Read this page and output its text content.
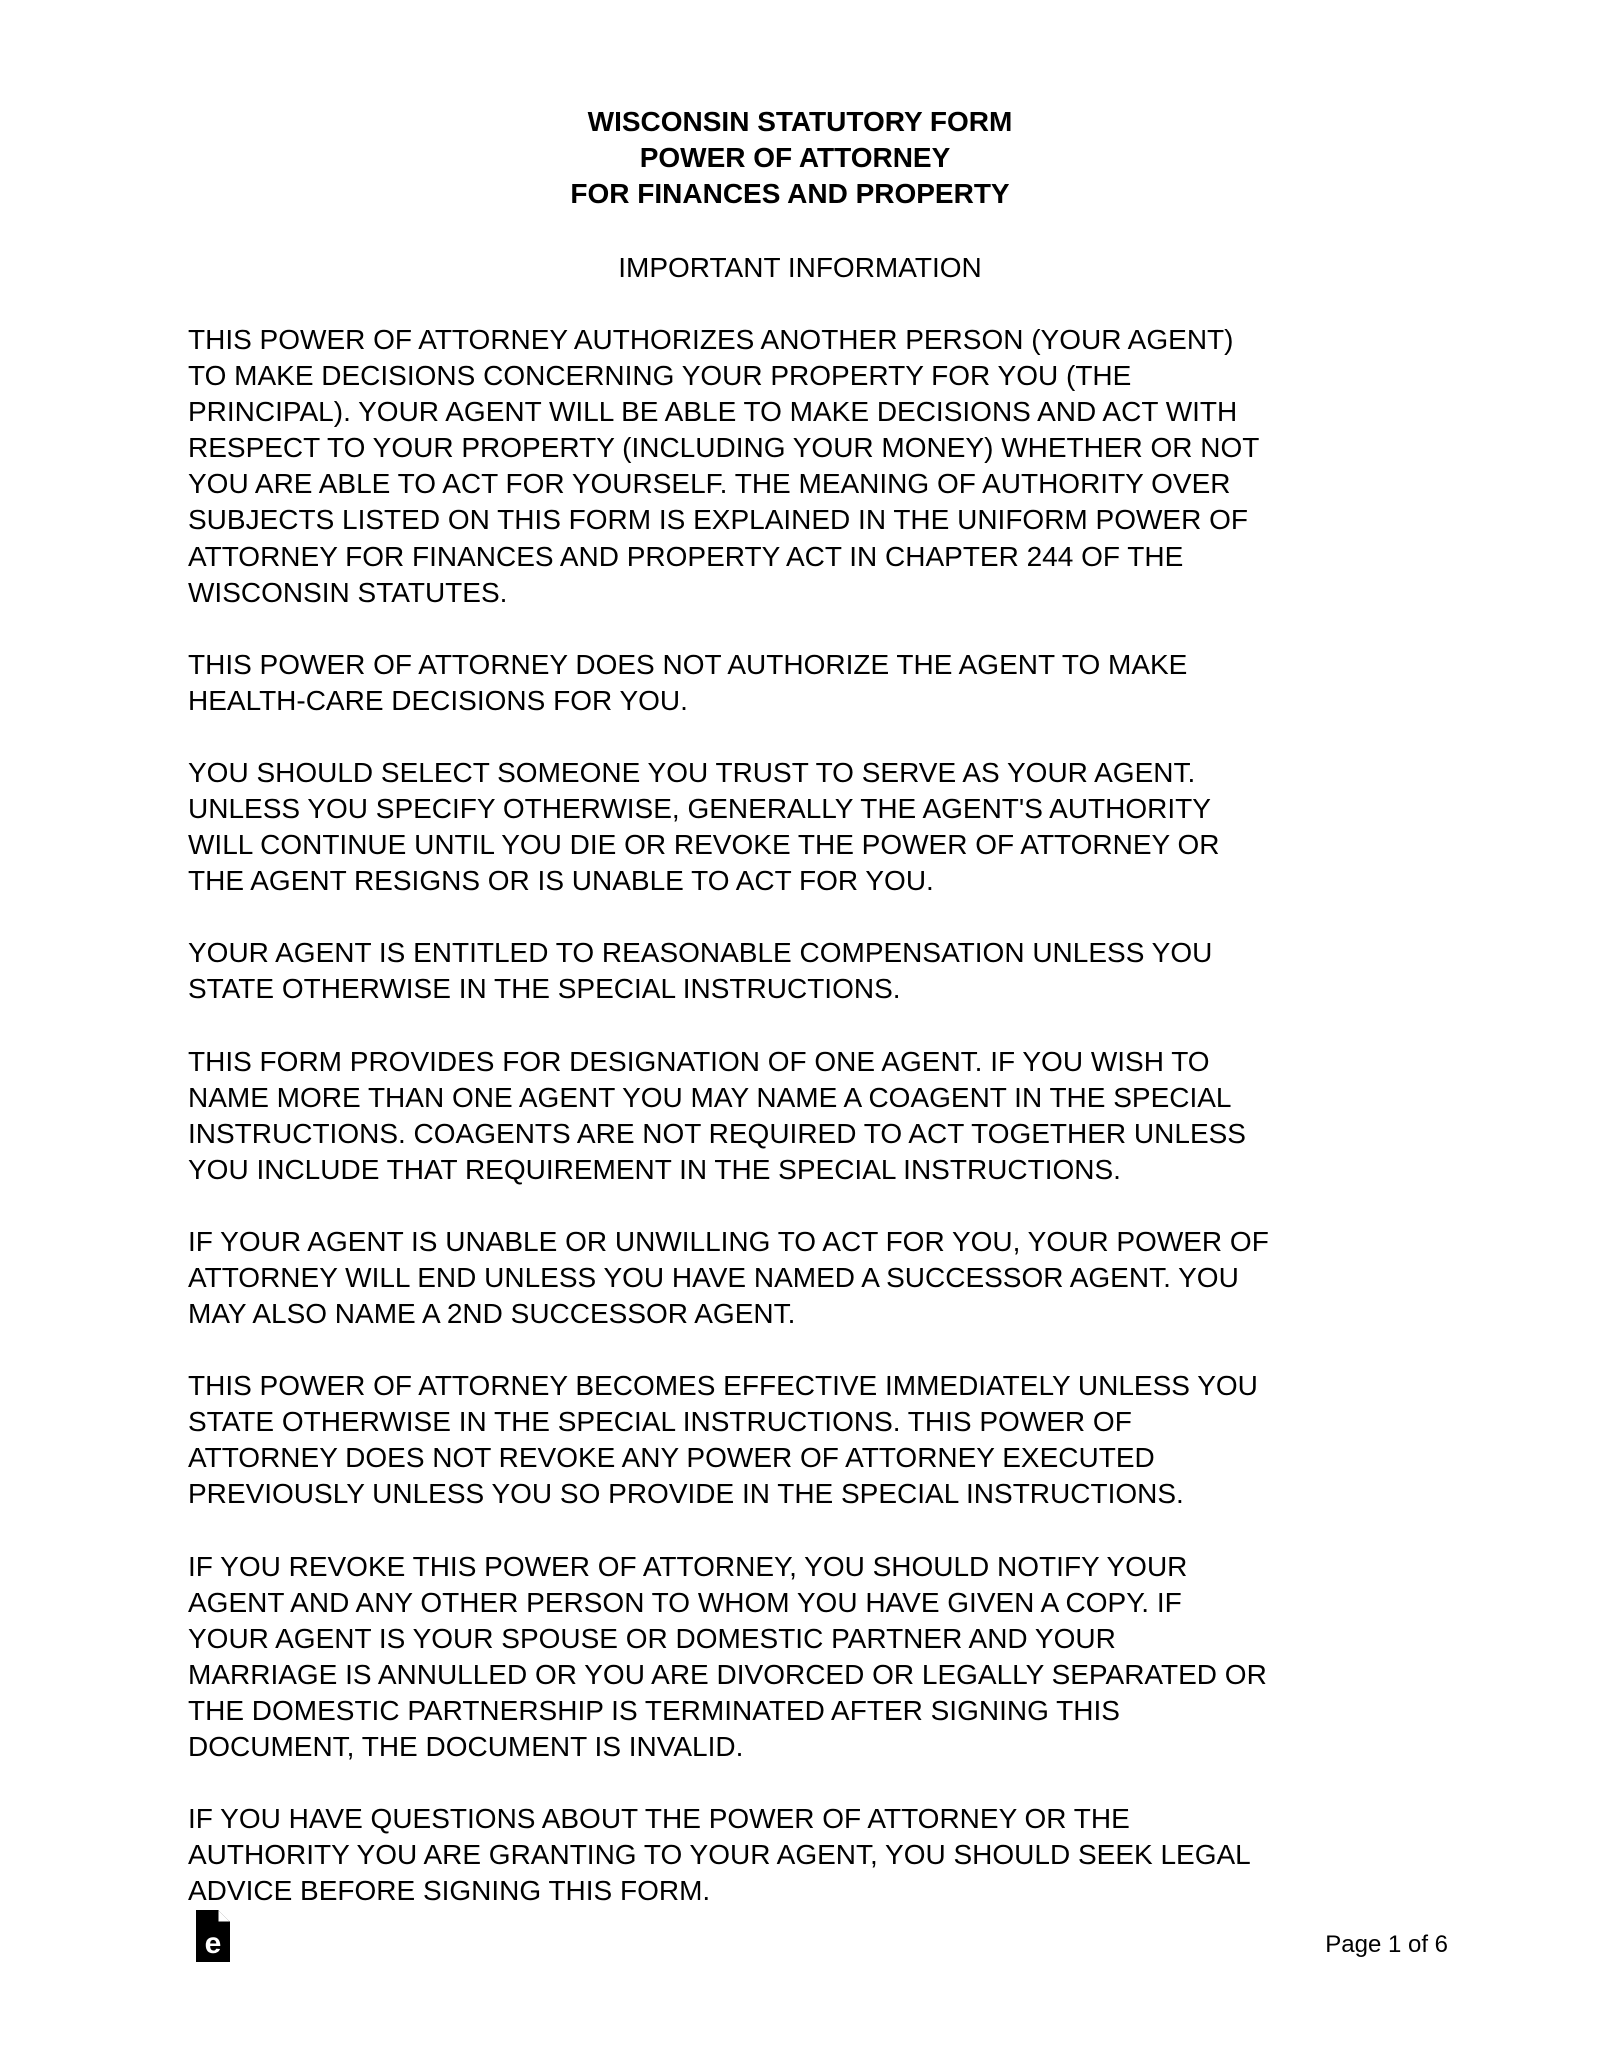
WISCONSIN STATUTORY FORM
POWER OF ATTORNEY
FOR FINANCES AND PROPERTY
IMPORTANT INFORMATION
THIS POWER OF ATTORNEY AUTHORIZES ANOTHER PERSON (YOUR AGENT)
TO MAKE DECISIONS CONCERNING YOUR PROPERTY FOR YOU (THE
PRINCIPAL). YOUR AGENT WILL BE ABLE TO MAKE DECISIONS AND ACT WITH
RESPECT TO YOUR PROPERTY (INCLUDING YOUR MONEY) WHETHER OR NOT
YOU ARE ABLE TO ACT FOR YOURSELF. THE MEANING OF AUTHORITY OVER
SUBJECTS LISTED ON THIS FORM IS EXPLAINED IN THE UNIFORM POWER OF
ATTORNEY FOR FINANCES AND PROPERTY ACT IN CHAPTER 244 OF THE
WISCONSIN STATUTES.
THIS POWER OF ATTORNEY DOES NOT AUTHORIZE THE AGENT TO MAKE
HEALTH-CARE DECISIONS FOR YOU.
YOU SHOULD SELECT SOMEONE YOU TRUST TO SERVE AS YOUR AGENT.
UNLESS YOU SPECIFY OTHERWISE, GENERALLY THE AGENT'S AUTHORITY
WILL CONTINUE UNTIL YOU DIE OR REVOKE THE POWER OF ATTORNEY OR
THE AGENT RESIGNS OR IS UNABLE TO ACT FOR YOU.
YOUR AGENT IS ENTITLED TO REASONABLE COMPENSATION UNLESS YOU
STATE OTHERWISE IN THE SPECIAL INSTRUCTIONS.
THIS FORM PROVIDES FOR DESIGNATION OF ONE AGENT. IF YOU WISH TO
NAME MORE THAN ONE AGENT YOU MAY NAME A COAGENT IN THE SPECIAL
INSTRUCTIONS. COAGENTS ARE NOT REQUIRED TO ACT TOGETHER UNLESS
YOU INCLUDE THAT REQUIREMENT IN THE SPECIAL INSTRUCTIONS.
IF YOUR AGENT IS UNABLE OR UNWILLING TO ACT FOR YOU, YOUR POWER OF
ATTORNEY WILL END UNLESS YOU HAVE NAMED A SUCCESSOR AGENT. YOU
MAY ALSO NAME A 2ND SUCCESSOR AGENT.
THIS POWER OF ATTORNEY BECOMES EFFECTIVE IMMEDIATELY UNLESS YOU
STATE OTHERWISE IN THE SPECIAL INSTRUCTIONS. THIS POWER OF
ATTORNEY DOES NOT REVOKE ANY POWER OF ATTORNEY EXECUTED
PREVIOUSLY UNLESS YOU SO PROVIDE IN THE SPECIAL INSTRUCTIONS.
IF YOU REVOKE THIS POWER OF ATTORNEY, YOU SHOULD NOTIFY YOUR
AGENT AND ANY OTHER PERSON TO WHOM YOU HAVE GIVEN A COPY. IF
YOUR AGENT IS YOUR SPOUSE OR DOMESTIC PARTNER AND YOUR
MARRIAGE IS ANNULLED OR YOU ARE DIVORCED OR LEGALLY SEPARATED OR
THE DOMESTIC PARTNERSHIP IS TERMINATED AFTER SIGNING THIS
DOCUMENT, THE DOCUMENT IS INVALID.
IF YOU HAVE QUESTIONS ABOUT THE POWER OF ATTORNEY OR THE
AUTHORITY YOU ARE GRANTING TO YOUR AGENT, YOU SHOULD SEEK LEGAL
ADVICE BEFORE SIGNING THIS FORM.
e	Page 1 of 6
